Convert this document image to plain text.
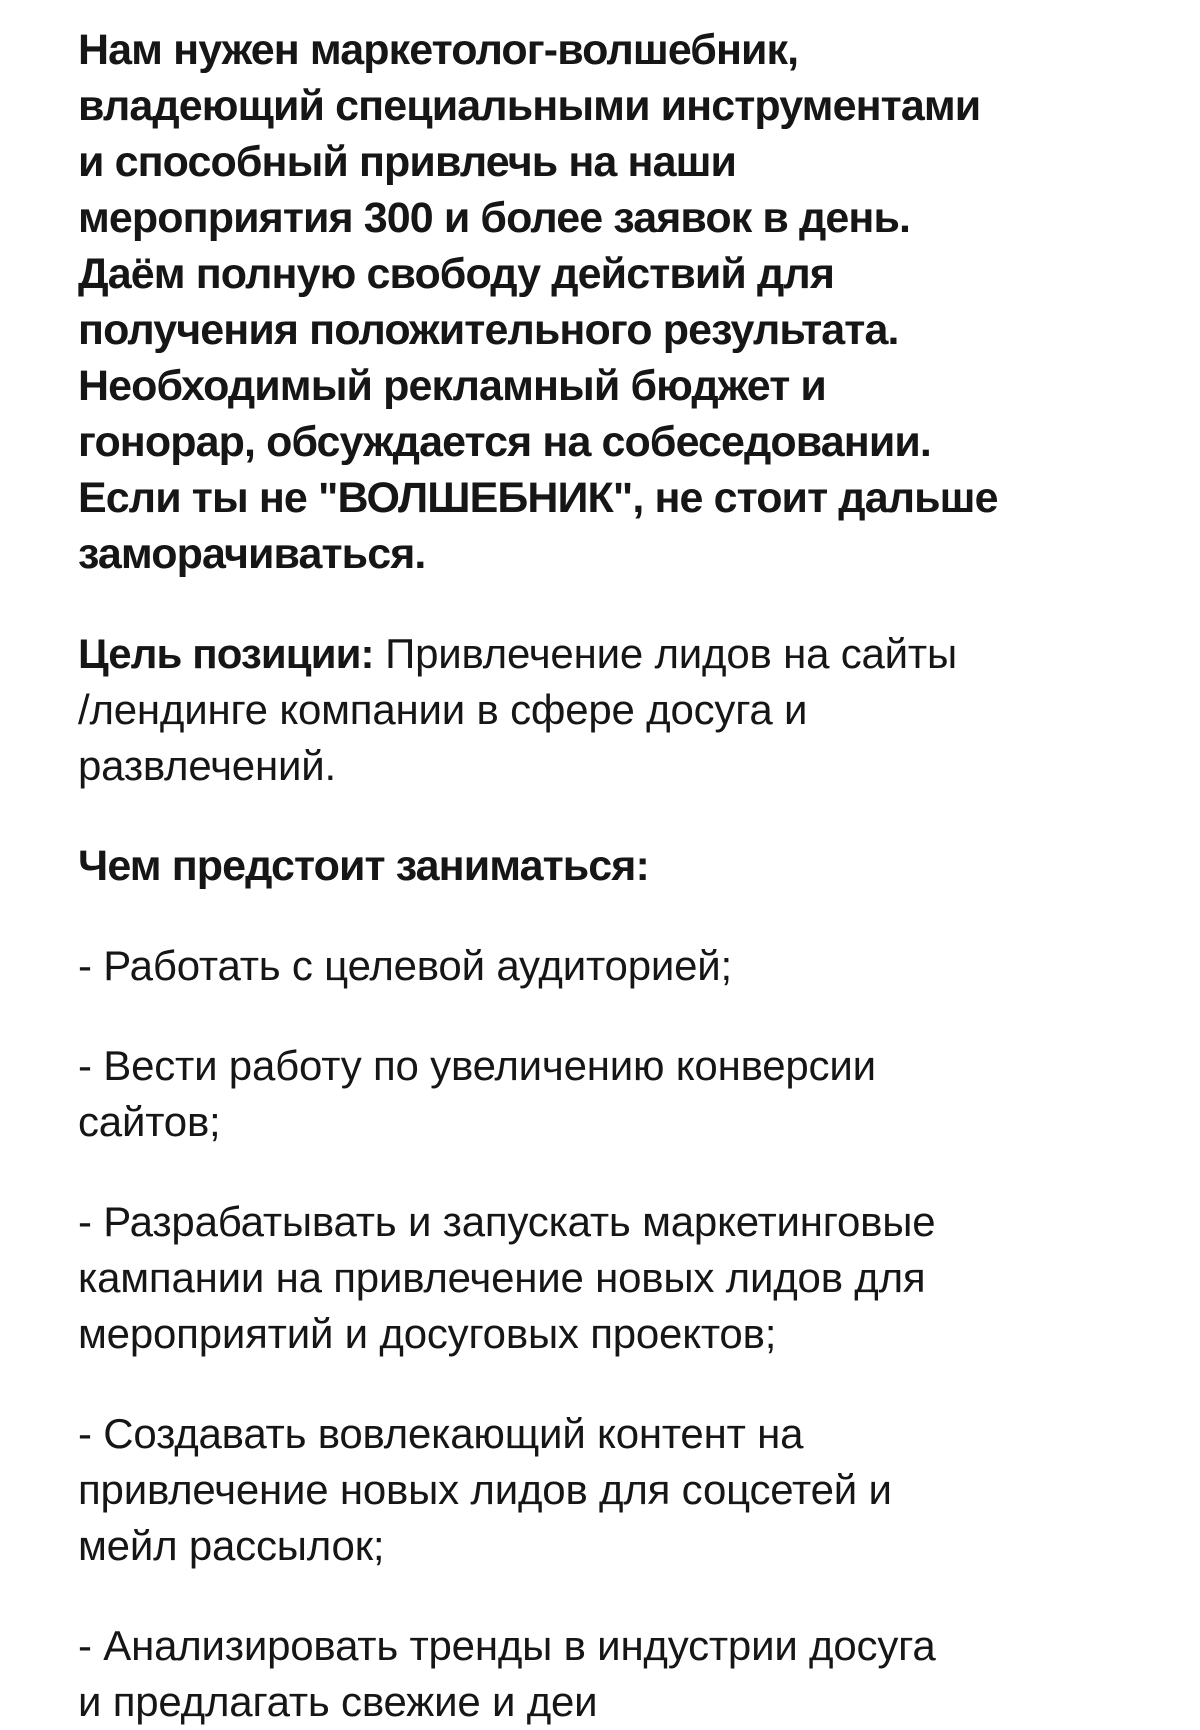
Нам нужен маркетолог-волшебник,
владеющий специальными инструментами
и способный привлечь на наши
мероприятия 300 и более заявок в день.
Даём полную свободу действий для
получения положительного результата.
Необходимый рекламный бюджет и
гонорар, обсуждается на собеседовании.
Если ты не "ВОЛШЕБНИК", не стоит дальше
заморачиваться.

Цель позиции: Привлечение лидов на сайты
/лендинге компании в сфере досуга и
развлечений.

Чем предстоит заниматься:

- Работать с целевой аудиторией;

- Вести работу по увеличению конверсии
сайтов;

- Разрабатывать и запускать маркетинговые
кампании на привлечение новых лидов для
мероприятий и досуговых проектов;

- Создавать вовлекающий контент на
привлечение новых лидов для соцсетей и
мейл рассылок;

- Анализировать тренды в индустрии досуга
и предлагать свежие и деи
